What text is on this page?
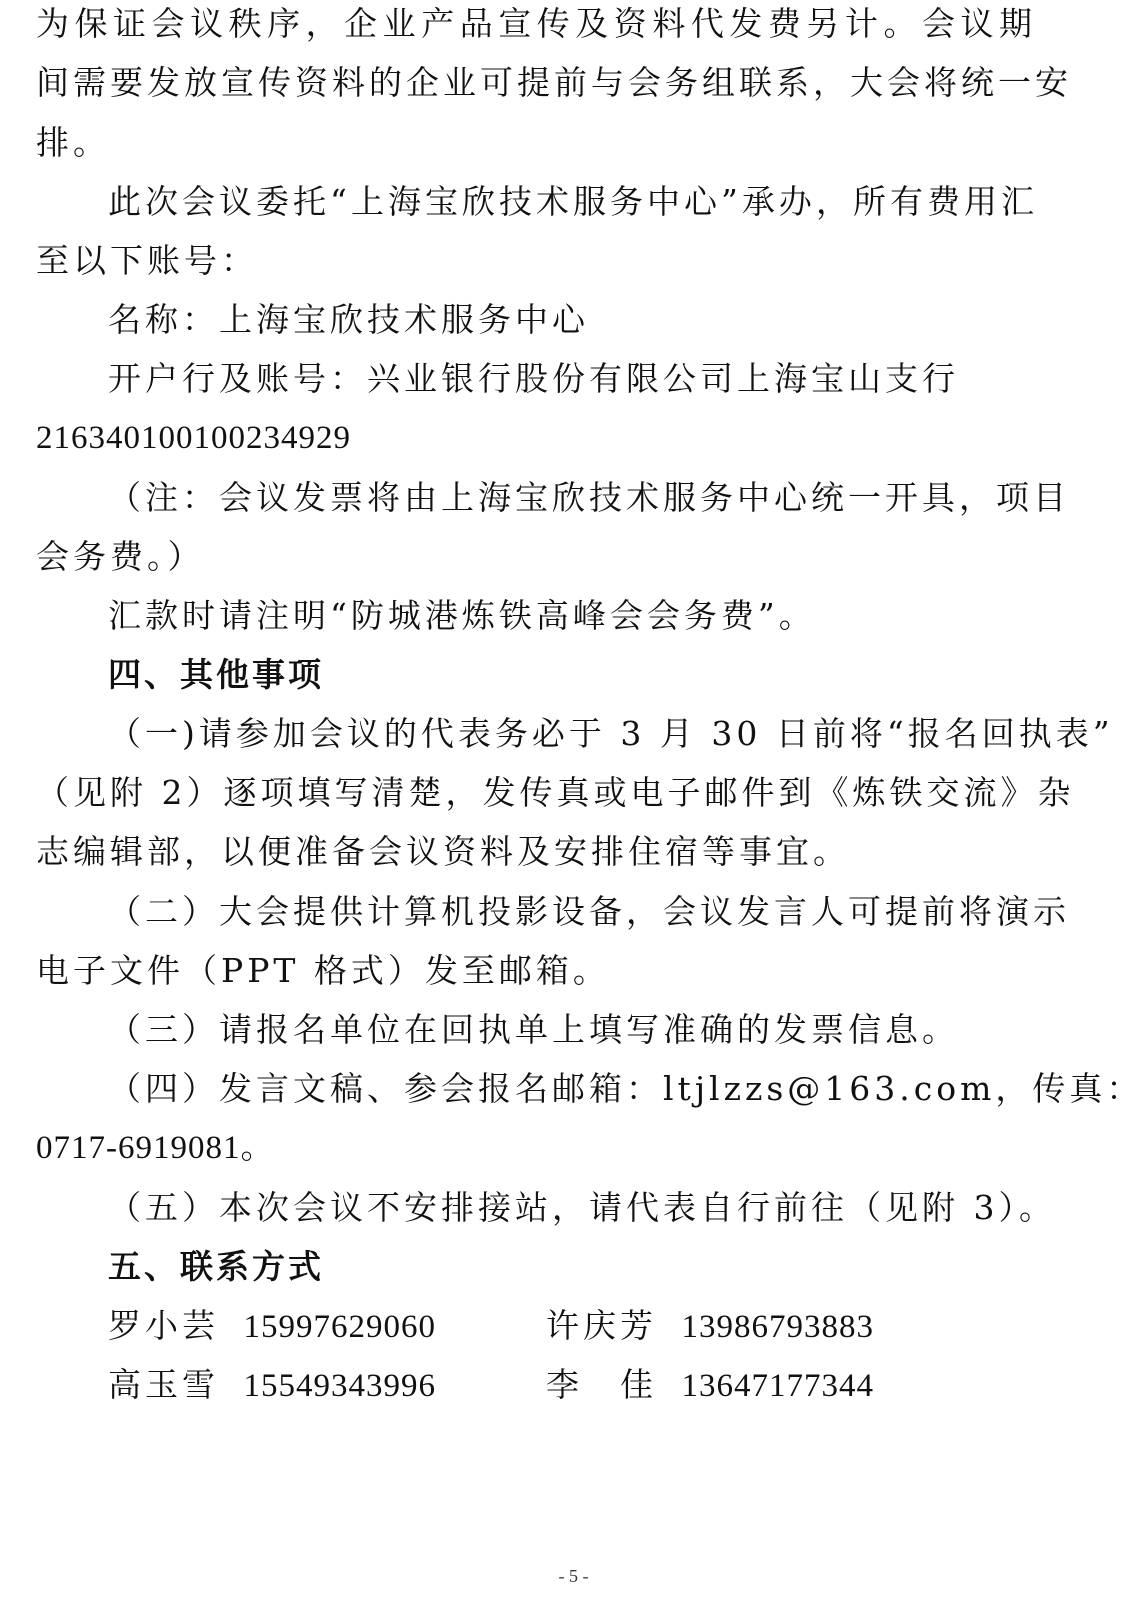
为保证会议秩序，企业产品宣传及资料代发费另计。会议期
间需要发放宣传资料的企业可提前与会务组联系，大会将统一安
排。
此次会议委托“上海宝欣技术服务中心”承办，所有费用汇
至以下账号：
名称：上海宝欣技术服务中心
开户行及账号：兴业银行股份有限公司上海宝山支行
216340100100234929
（注：会议发票将由上海宝欣技术服务中心统一开具，项目
会务费。）
汇款时请注明“防城港炼铁高峰会会务费”。
四、其他事项
（一)请参加会议的代表务必于 3 月 30 日前将“报名回执表”
（见附 2）逐项填写清楚，发传真或电子邮件到《炼铁交流》杂
志编辑部，以便准备会议资料及安排住宿等事宜。
（二）大会提供计算机投影设备，会议发言人可提前将演示
电子文件（PPT 格式）发至邮箱。
（三）请报名单位在回执单上填写准确的发票信息。
（四）发言文稿、参会报名邮箱：ltjlzzs@163.com，传真：
0717-6919081。
（五）本次会议不安排接站，请代表自行前往（见附 3）。
五、联系方式
罗小芸 15997629060	许庆芳 13986793883
高玉雪 15549343996	李　佳 13647177344
- 5 -
